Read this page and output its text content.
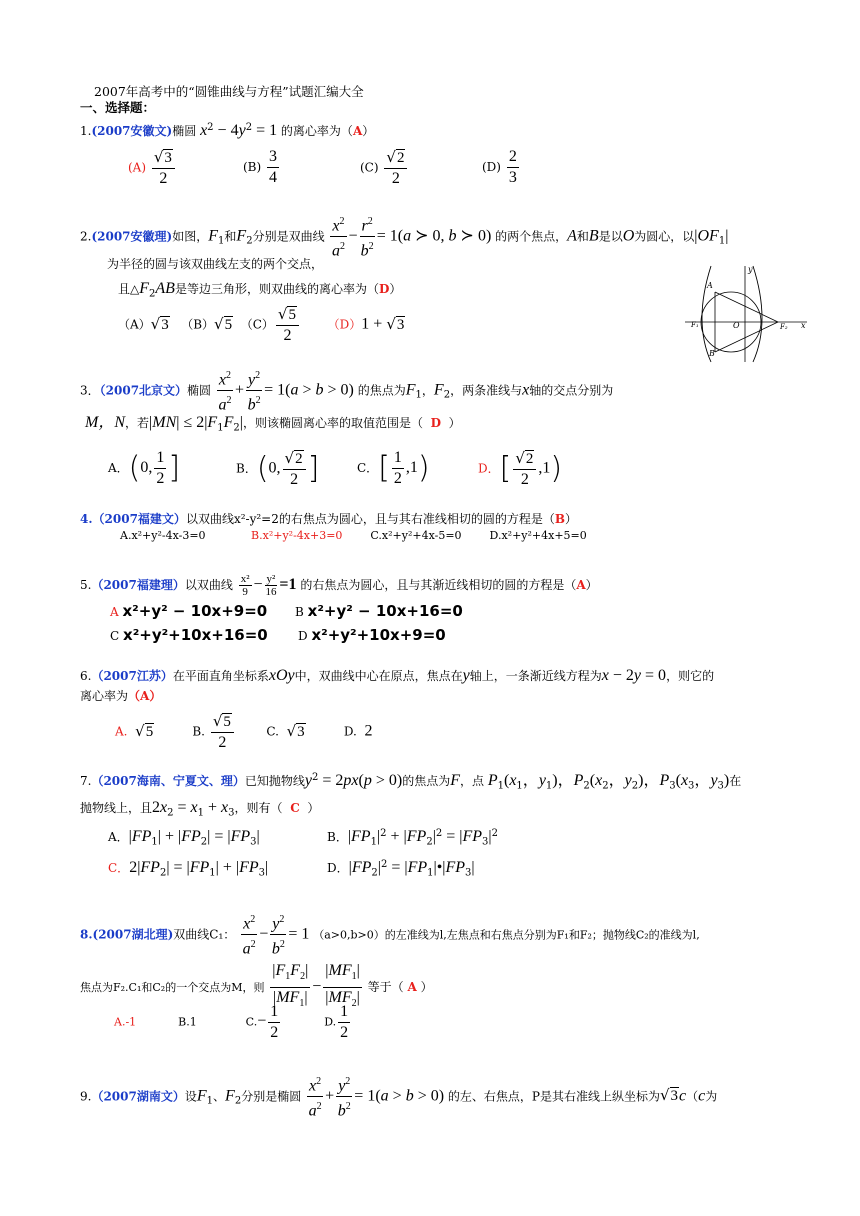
2007年高考中的“圆锥曲线与方程”试题汇编大全
一、选择题：
1.(2007安徽文)椭圆 $x^2 - 4y^2 = 1$ 的离心率为（A）
$(A) \frac{√3}{2}$	$(B) \frac{3}{4}$	$(C) \frac{√2}{2}$	$(D) \frac{2}{3}$
2.(2007安徽理)如图，$F_1$和$F_2$分别是双曲线 $\frac{x^2}{a^2} - \frac{r^2}{b^2} = 1(a$ ≻ 0, b ≻ 0) 的两个焦点，A和B是以O为圆心，以$|OF_1|$
为半径的圆与该双曲线左支的两个交点，
且$\triangle F_2AB$是等边三角形，则双曲线的离心率为（D）
（A）√3 （B）√5 $(C) \frac{√5}{2} (D)1 + √3$
A
B
y
O
F₁	F₂ x
3．（2007北京文）椭圆 $\frac{x^2}{a^2} + \frac{y^2}{b^2} = 1(a > b > 0)$ 的焦点为$F_1$，$F_2$，两条准线与x轴的交点分别为
M，N，若$|MN| \le 2|F_1F_2|$，则该椭圆离心率的取值范围是（ D ）
A．(0, $\frac{1}{2}$ ]	B．(0, $\frac{√2}{2}$ ]	C．[ $\frac{1}{2} ,1$)	D．[ $\frac{√2}{2} ,1$)
4.（2007福建文）以双曲线x²-y²=2的右焦点为圆心，且与其右准线相切的圆的方程是（B）
A.x²+y²-4x-3=0	B.x²+y²-4x+3=0	C.x²+y²+4x-5=0	D.x²+y²+4x+5=0
5.（2007福建理）以双曲线 $\frac{\text{x²}}{9} - \frac{\text{y²}}{16} =1$ 的右焦点为圆心，且与其渐近线相切的圆的方程是（A）
A x²+y² − 10x+9=0 B x²+y² − 10x+16=0
C x²+y²+10x+16=0	D x²+y²+10x+9=0
6.（2007江苏）在平面直角坐标系xOy中，双曲线中心在原点，焦点在y轴上，一条渐近线方程为x − 2y = 0，则它的
离心率为（A）
A. √5	B. $\frac{√5}{2}$	C. √3	D. 2
7.（2007海南、宁夏文、理）已知抛物线$y^2 = 2px(p > 0)$的焦点为F，点 $P_1(x_1$，$y_1$)，$P_2(x_2$，$y_2$)，$P_3(x_3$，$y_3$)在
抛物线上，且$2x_2 = x_1 + x_3$，则有（ C ）
A．$|FP_1| + |FP_2| = |FP_3|$	B．$|FP_1|^2 + |FP_2|^2 = |FP_3|^2$
C．$2|FP_2| = |FP_1| + |FP_3|$	D．$|FP_2|^2$ = $|FP_1|•|FP_3|$
8.(2007湖北理)双曲线C₁： $\frac{x^2}{a^2} - \frac{y^2}{b^2} = 1$ （a>0,b>0）的左准线为l,左焦点和右焦点分别为F₁和F₂；抛物线C₂的准线为l,
焦点为F₂.C₁和C₂的一个交点为M，则 $\frac{|F_1F_2|}{|MF_1|} - \frac{|MF_1|}{|MF_2|}$ 等于（ A ）
A.-1	B.1	$C.- \frac{1}{2}$	D. $\frac{1}{2}$
9.（2007湖南文）设$F_1$、$F_2$分别是椭圆 $\frac{x^2}{a^2} + \frac{y^2}{b^2} = 1(a > b > 0)$ 的左、右焦点，P是其右准线上纵坐标为√3c（c为
